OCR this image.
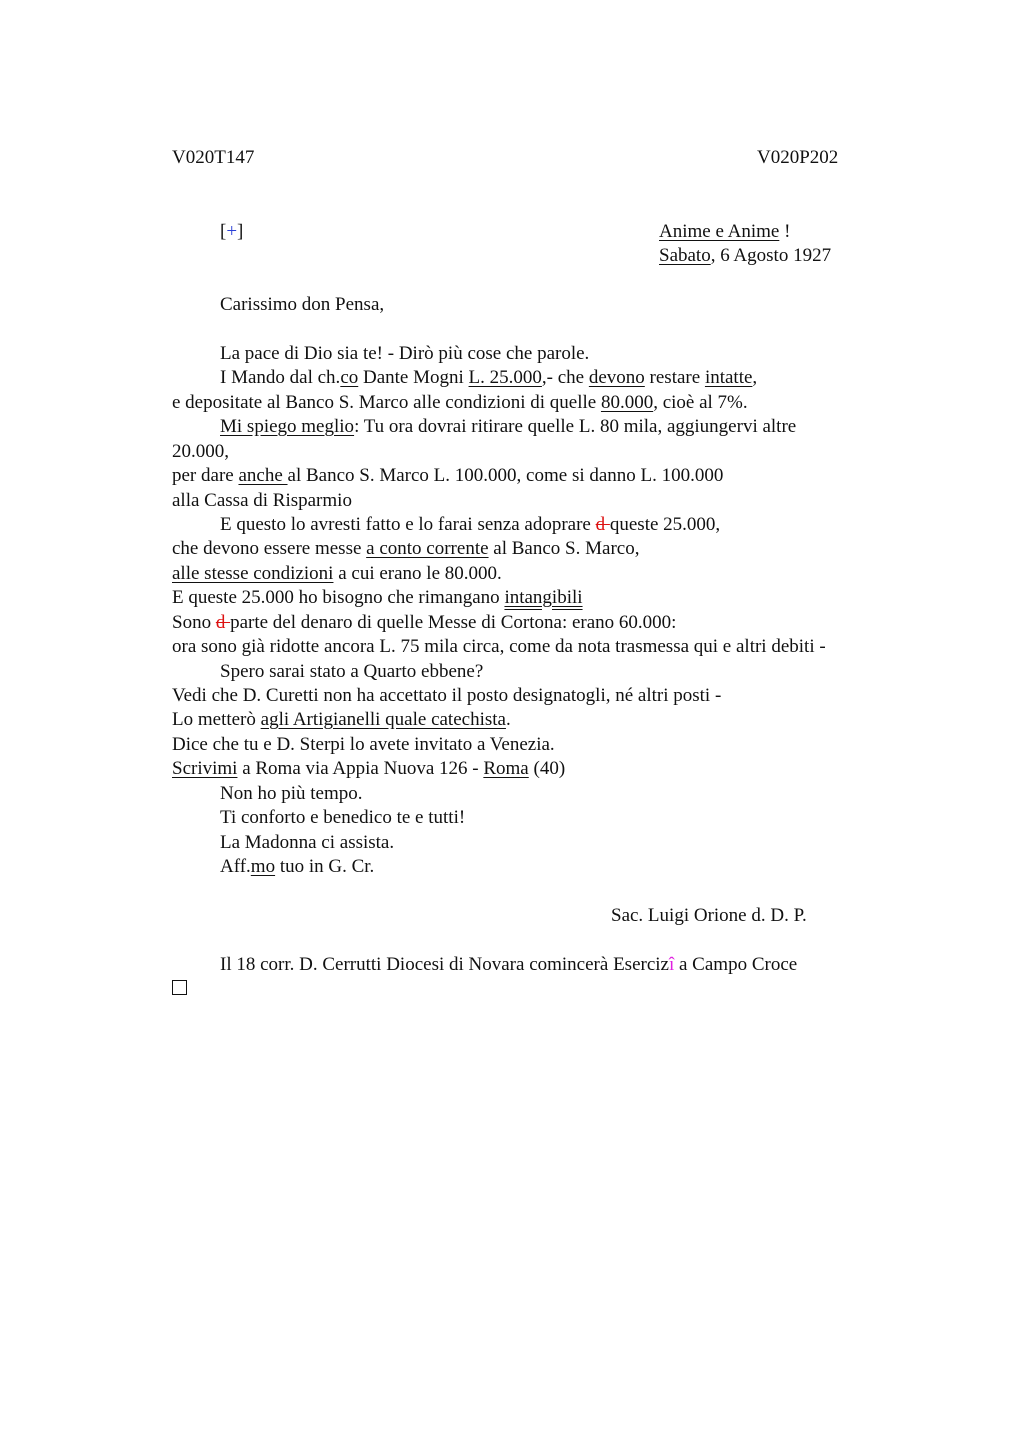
V020T147	V020P202
[+]	Anime e Anime !
Sabato, 6 Agosto 1927
Carissimo don Pensa,
La pace di Dio sia te! - Dirò più cose che parole.
I Mando dal ch.co Dante Mogni L. 25.000,- che devono restare intatte,
e depositate al Banco S. Marco alle condizioni di quelle 80.000, cioè al 7%.
Mi spiego meglio: Tu ora dovrai ritirare quelle L. 80 mila, aggiungervi altre
20.000,
per dare anche al Banco S. Marco L. 100.000, come si danno L. 100.000
alla Cassa di Risparmio
E questo lo avresti fatto e lo farai senza adoprare d queste 25.000,
che devono essere messe a conto corrente al Banco S. Marco,
alle stesse condizioni a cui erano le 80.000.
E queste 25.000 ho bisogno che rimangano intangibili
Sono d parte del denaro di quelle Messe di Cortona: erano 60.000:
ora sono già ridotte ancora L. 75 mila circa, come da nota trasmessa qui e altri debiti -
Spero sarai stato a Quarto ebbene?
Vedi che D. Curetti non ha accettato il posto designatogli, né altri posti -
Lo metterò agli Artigianelli quale catechista.
Dice che tu e D. Sterpi lo avete invitato a Venezia.
Scrivimi a Roma via Appia Nuova 126 - Roma (40)
Non ho più tempo.
Ti conforto e benedico te e tutti!
La Madonna ci assista.
Aff.mo tuo in G. Cr.
Sac. Luigi Orione d. D. P.
Il 18 corr. D. Cerrutti Diocesi di Novara comincerà Esercizî a Campo Croce
